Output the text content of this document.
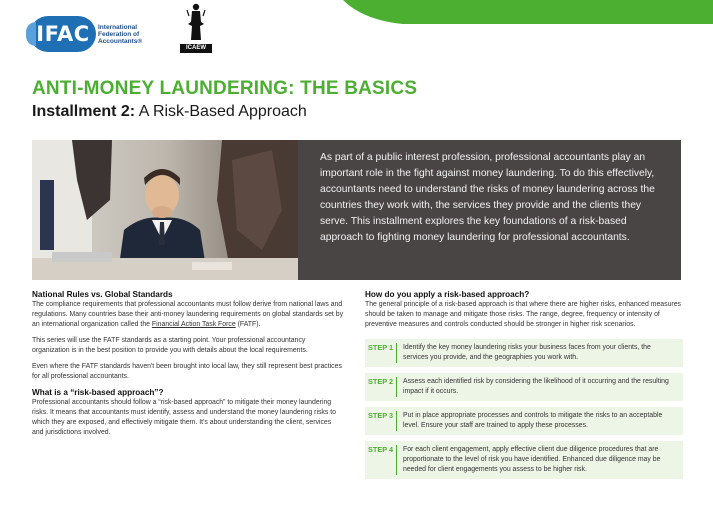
IFAC	International Federation of Accountants®
ICAEW
ANTI-MONEY LAUNDERING: THE BASICS
Installment 2: A Risk-Based Approach
As part of a public interest profession, professional accountants play an important role in the fight against money laundering. To do this effectively, accountants need to understand the risks of money laundering across the countries they work with, the services they provide and the clients they serve. This installment explores the key foundations of a risk-based approach to fighting money laundering for professional accountants.
National Rules vs. Global Standards
The compliance requirements that professional accountants must follow derive from national laws and regulations. Many countries base their anti-money laundering requirements on global standards set by an international organization called the Financial Action Task Force (FATF).
This series will use the FATF standards as a starting point. Your professional accountancy organization is in the best position to provide you with details about the local requirements.
Even where the FATF standards haven't been brought into local law, they still represent best practices for all professional accountants.
What is a “risk-based approach”?
Professional accountants should follow a “risk-based approach” to mitigate their money laundering risks. It means that accountants must identify, assess and understand the money laundering risks to which they are exposed, and effectively mitigate them. It's about understanding the client, services and jurisdictions involved.
How do you apply a risk-based approach?
The general principle of a risk-based approach is that where there are higher risks, enhanced measures should be taken to manage and mitigate those risks. The range, degree, frequency or intensity of preventive measures and controls conducted should be stronger in higher risk scenarios.
STEP 1	Identify the key money laundering risks your business faces from your clients, the services you provide, and the geographies you work with.
STEP 2	Assess each identified risk by considering the likelihood of it occurring and the resulting impact if it occurs.
STEP 3	Put in place appropriate processes and controls to mitigate the risks to an acceptable level. Ensure your staff are trained to apply these processes.
STEP 4	For each client engagement, apply effective client due diligence procedures that are proportionate to the level of risk you have identified. Enhanced due diligence may be needed for client engagements you assess to be higher risk.
